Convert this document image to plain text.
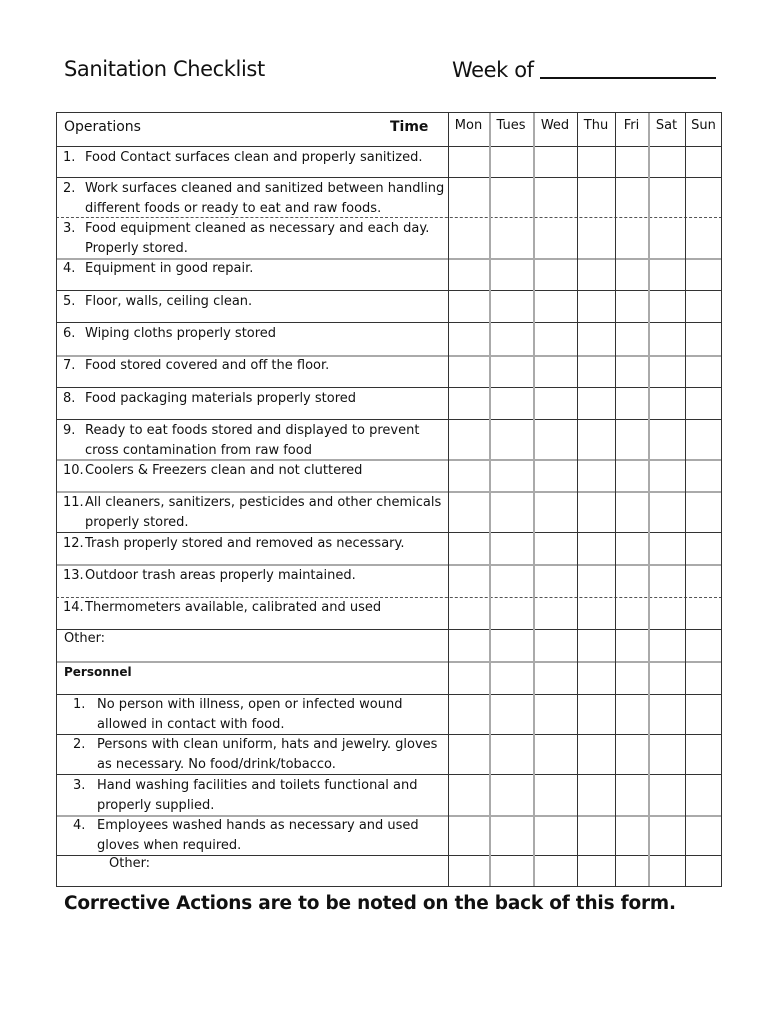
Sanitation Checklist	Week of
Operations	Time	Mon	Tues	Wed	Thu	Fri	Sat	Sun
1. Food Contact surfaces clean and properly sanitized.
2. Work surfaces cleaned and sanitized between handling
different foods or ready to eat and raw foods.
3. Food equipment cleaned as necessary and each day.
Properly stored.
4. Equipment in good repair.
5. Floor, walls, ceiling clean.
6. Wiping cloths properly stored
7. Food stored covered and off the floor.
8. Food packaging materials properly stored
9. Ready to eat foods stored and displayed to prevent
cross contamination from raw food
10. Coolers & Freezers clean and not cluttered
11. All cleaners, sanitizers, pesticides and other chemicals
properly stored.
12. Trash properly stored and removed as necessary.
13. Outdoor trash areas properly maintained.
14. Thermometers available, calibrated and used
Other:
Personnel
1. No person with illness, open or infected wound
allowed in contact with food.
2. Persons with clean uniform, hats and jewelry. gloves
as necessary. No food/drink/tobacco.
3. Hand washing facilities and toilets functional and
properly supplied.
4. Employees washed hands as necessary and used
gloves when required.
Other:
Corrective Actions are to be noted on the back of this form.
